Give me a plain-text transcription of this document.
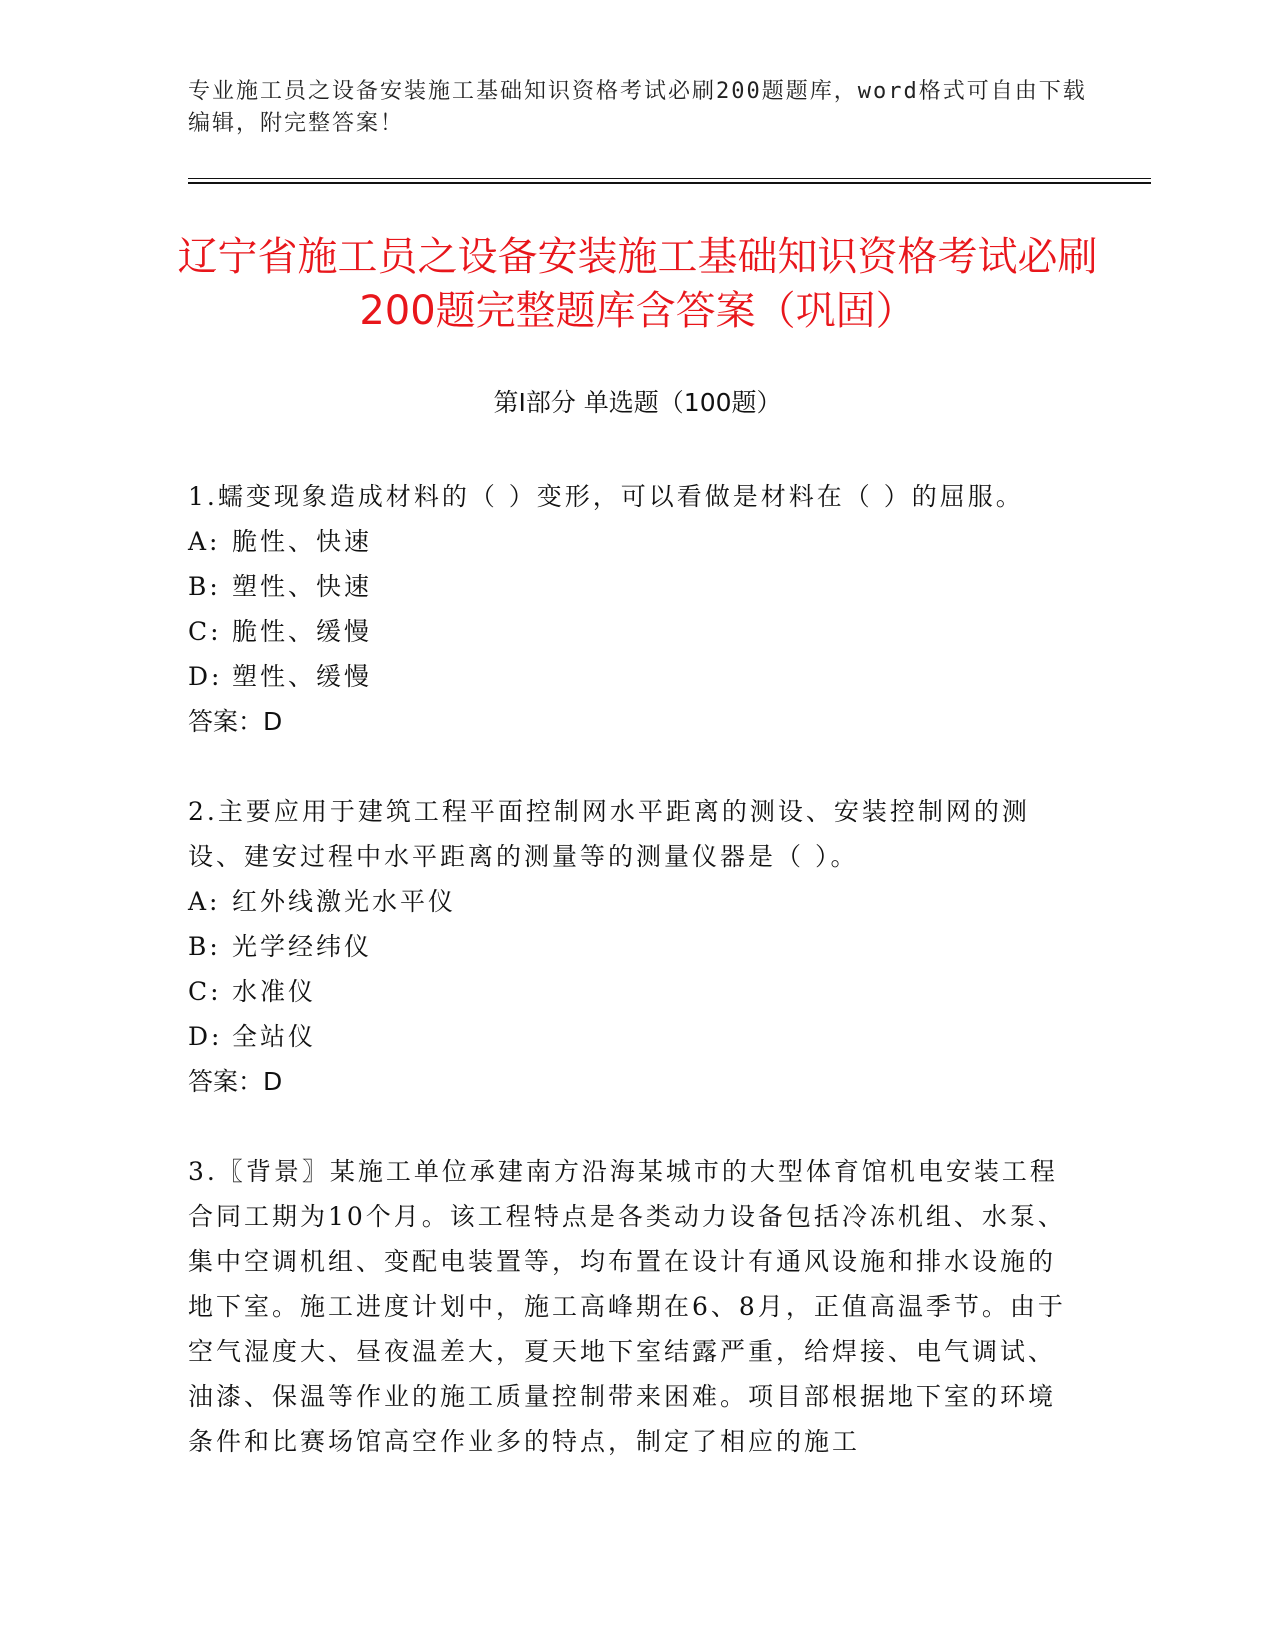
专业施工员之设备安装施工基础知识资格考试必刷200题题库，word格式可自由下载编辑，附完整答案！
辽宁省施工员之设备安装施工基础知识资格考试必刷200题完整题库含答案（巩固）
第I部分 单选题（100题）
1.蠕变现象造成材料的（ ）变形，可以看做是材料在（ ）的屈服。
A: 脆性、快速
B: 塑性、快速
C: 脆性、缓慢
D: 塑性、缓慢
答案：D
2.主要应用于建筑工程平面控制网水平距离的测设、安装控制网的测设、建安过程中水平距离的测量等的测量仪器是（ ）。
A: 红外线激光水平仪
B: 光学经纬仪
C: 水准仪
D: 全站仪
答案：D
3.〖背景〗某施工单位承建南方沿海某城市的大型体育馆机电安装工程合同工期为10个月。该工程特点是各类动力设备包括冷冻机组、水泵、集中空调机组、变配电装置等，均布置在设计有通风设施和排水设施的地下室。施工进度计划中，施工高峰期在6、8月，正值高温季节。由于空气湿度大、昼夜温差大，夏天地下室结露严重，给焊接、电气调试、油漆、保温等作业的施工质量控制带来困难。项目部根据地下室的环境条件和比赛场馆高空作业多的特点，制定了相应的施工
